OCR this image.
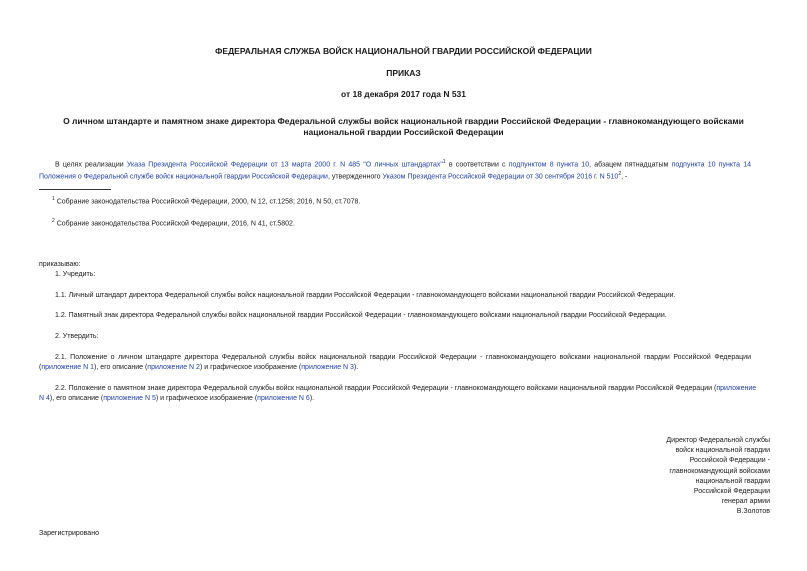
ФЕДЕРАЛЬНАЯ СЛУЖБА ВОЙСК НАЦИОНАЛЬНОЙ ГВАРДИИ РОССИЙСКОЙ ФЕДЕРАЦИИ
ПРИКАЗ
от 18 декабря 2017 года N 531
О личном штандарте и памятном знаке директора Федеральной службы войск национальной гвардии Российской Федерации - главнокомандующего войсками
национальной гвардии Российской Федерации
В целях реализации Указа Президента Российской Федерации от 13 марта 2000 г. N 485 "О личных штандартах"$^1$ в соответствии с подпунктом 8 пункта 10, абзацем пятнадцатым подпункта 10 пункта 14
Положения о Федеральной службе войск национальной гвардии Российской Федерации, утвержденного Указом Президента Российской Федерации от 30 сентября 2016 г. N $510^2$, -
$^1$ Собрание законодательства Российской Федерации, 2000, N 12, ст.1258; 2016, N 50, ст.7078.
$^2$ Собрание законодательства Российской Федерации, 2016, N 41, ст.5802.
приказываю:
1. Учредить:
1.1. Личный штандарт директора Федеральной службы войск национальной гвардии Российской Федерации - главнокомандующего войсками национальной гвардии Российской Федерации.
1.2. Памятный знак директора Федеральной службы войск национальной гвардии Российской Федерации - главнокомандующего войсками национальной гвардии Российской Федерации.
2. Утвердить:
2.1. Положение о личном штандарте директора Федеральной службы войск национальной гвардии Российской Федерации - главнокомандующего войсками национальной гвардии Российской Федерации
(приложение N 1), его описание (приложение N 2) и графическое изображение (приложение N 3).
2.2. Положение о памятном знаке директора Федеральной службы войск национальной гвардии Российской Федерации - главнокомандующего войсками национальной гвардии Российской Федерации (приложение
N 4), его описание (приложение N 5) и графическое изображение (приложение N 6).
Директор Федеральной службы
войск национальной гвардии
Российской Федерации -
главнокомандующий войсками
национальной гвардии
Российской Федерации
генерал армии
В.Золотов
Зарегистрировано
